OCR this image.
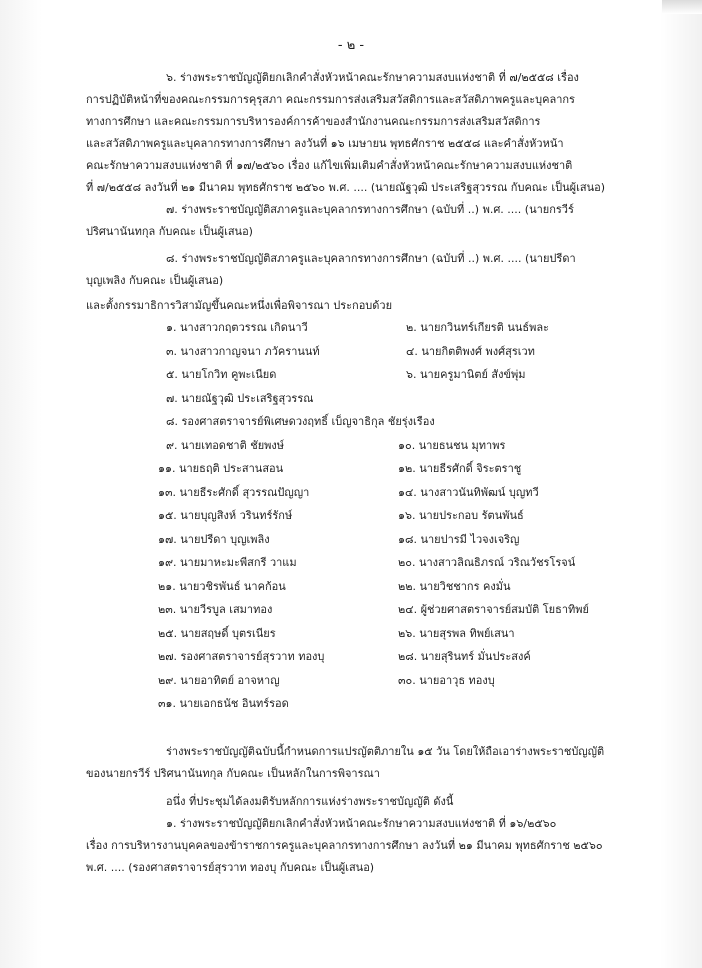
- ๒ -
๖. ร่างพระราชบัญญัติยกเลิกคำสั่งหัวหน้าคณะรักษาความสงบแห่งชาติ ที่ ๗/๒๕๕๘ เรื่อง
การปฏิบัติหน้าที่ของคณะกรรมการคุรุสภา คณะกรรมการส่งเสริมสวัสดิการและสวัสดิภาพครูและบุคลากร
ทางการศึกษา และคณะกรรมการบริหารองค์การค้าของสำนักงานคณะกรรมการส่งเสริมสวัสดิการ
และสวัสดิภาพครูและบุคลากรทางการศึกษา ลงวันที่ ๑๖ เมษายน พุทธศักราช ๒๕๕๘ และคำสั่งหัวหน้า
คณะรักษาความสงบแห่งชาติ ที่ ๑๗/๒๕๖๐ เรื่อง แก้ไขเพิ่มเติมคำสั่งหัวหน้าคณะรักษาความสงบแห่งชาติ
ที่ ๗/๒๕๕๘ ลงวันที่ ๒๑ มีนาคม พุทธศักราช ๒๕๖๐ พ.ศ. .... (นายณัฐวุฒิ ประเสริฐสุวรรณ กับคณะ เป็นผู้เสนอ)
๗. ร่างพระราชบัญญัติสภาครูและบุคลากรทางการศึกษา (ฉบับที่ ..) พ.ศ. .... (นายกรวีร์
ปริศนานันทกุล กับคณะ เป็นผู้เสนอ)
๘. ร่างพระราชบัญญัติสภาครูและบุคลากรทางการศึกษา (ฉบับที่ ..) พ.ศ. .... (นายปรีดา
บุญเพลิง กับคณะ เป็นผู้เสนอ)
และตั้งกรรมาธิการวิสามัญขึ้นคณะหนึ่งเพื่อพิจารณา ประกอบด้วย
๑. นางสาวกฤตวรรณ เกิดนาวี	๒. นายกวินทร์เกียรติ นนธ์พละ
๓. นางสาวกาญจนา ภวัครานนท์	๔. นายกิตติพงศ์ พงศ์สุรเวท
๕. นายโกวิท คูพะเนียด	๖. นายครูมานิตย์ สังข์พุ่ม
๗. นายณัฐวุฒิ ประเสริฐสุวรรณ
๘. รองศาสตราจารย์พิเศษดวงฤทธิ์ เบ็ญจาธิกุล ชัยรุ่งเรือง
๙. นายเทอดชาติ ชัยพงษ์	๑๐. นายธนชน มุทาพร
๑๑. นายธฤติ ประสานสอน	๑๒. นายธีรศักดิ์ จิระตราชู
๑๓. นายธีระศักดิ์ สุวรรณปัญญา	๑๔. นางสาวนันทิพัฒน์ บุญทวี
๑๕. นายบุญสิงห์ วรินทร์รักษ์	๑๖. นายประกอบ รัตนพันธ์
๑๗. นายปรีดา บุญเพลิง	๑๘. นายปารมี ไวจงเจริญ
๑๙. นายมาหะมะพีสกรี วาแม	๒๐. นางสาวลิณธิภรณ์ วริณวัชรโรจน์
๒๑. นายวชิรพันธ์ นาคก้อน	๒๒. นายวิชชากร คงมั่น
๒๓. นายวีรบูล เสมาทอง	๒๔. ผู้ช่วยศาสตราจารย์สมบัติ โยธาทิพย์
๒๕. นายสฤษดิ์ บุตรเนียร	๒๖. นายสุรพล ทิพย์เสนา
๒๗. รองศาสตราจารย์สุรวาท ทองบุ	๒๘. นายสุรินทร์ มั่นประสงค์
๒๙. นายอาทิตย์ อาจหาญ	๓๐. นายอาวุธ ทองบุ
๓๑. นายเอกธนัช อินทร์รอด
ร่างพระราชบัญญัติฉบับนี้กำหนดการแปรญัตติภายใน ๑๕ วัน โดยให้ถือเอาร่างพระราชบัญญัติ
ของนายกรวีร์ ปริศนานันทกุล กับคณะ เป็นหลักในการพิจารณา
อนึ่ง ที่ประชุมได้ลงมติรับหลักการแห่งร่างพระราชบัญญัติ ดังนี้
๑. ร่างพระราชบัญญัติยกเลิกคำสั่งหัวหน้าคณะรักษาความสงบแห่งชาติ ที่ ๑๖/๒๕๖๐
เรื่อง การบริหารงานบุคคลของข้าราชการครูและบุคลากรทางการศึกษา ลงวันที่ ๒๑ มีนาคม พุทธศักราช ๒๕๖๐
พ.ศ. .... (รองศาสตราจารย์สุรวาท ทองบุ กับคณะ เป็นผู้เสนอ)
